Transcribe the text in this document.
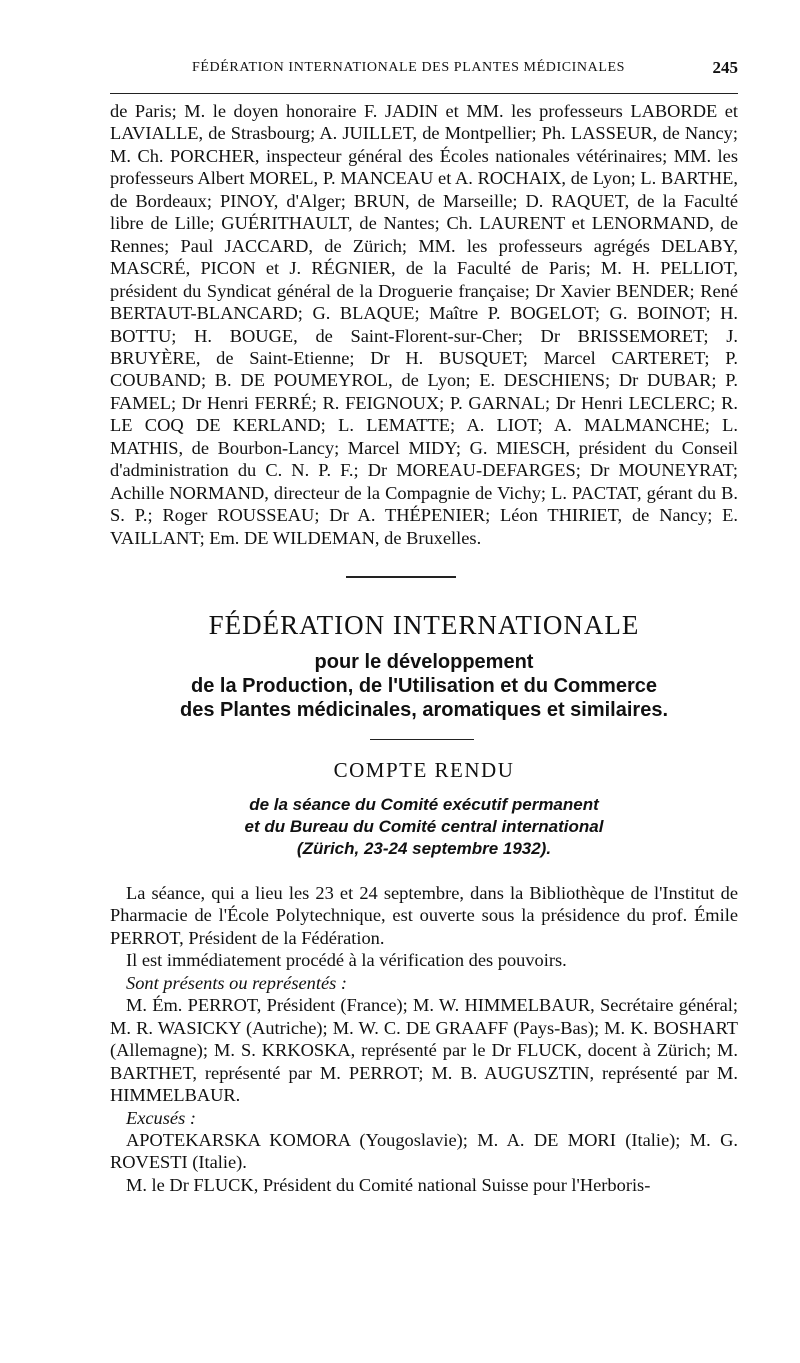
FÉDÉRATION INTERNATIONALE DES PLANTES MÉDICINALES	245

de Paris; M. le doyen honoraire F. JADIN et MM. les professeurs LABORDE et LAVIALLE, de Strasbourg; A. JUILLET, de Montpellier; Ph. LASSEUR, de Nancy; M. Ch. PORCHER, inspecteur général des Écoles nationales vétérinaires; MM. les professeurs Albert MOREL, P. MANCEAU et A. ROCHAIX, de Lyon; L. BARTHE, de Bordeaux; PINOY, d'Alger; BRUN, de Marseille; D. RAQUET, de la Faculté libre de Lille; GUÉRITHAULT, de Nantes; Ch. LAURENT et LENORMAND, de Rennes; Paul JACCARD, de Zürich; MM. les professeurs agrégés DELABY, MASCRÉ, PICON et J. RÉGNIER, de la Faculté de Paris; M. H. PELLIOT, président du Syndicat général de la Droguerie française; Dr Xavier BENDER; René BERTAUT-BLANCARD; G. BLAQUE; Maître P. BOGELOT; G. BOINOT; H. BOTTU; H. BOUGE, de Saint-Florent-sur-Cher; Dr BRISSEMORET; J. BRUYÈRE, de Saint-Etienne; Dr H. BUSQUET; Marcel CARTERET; P. COUBAND; B. DE POUMEYROL, de Lyon; E. DESCHIENS; Dr DUBAR; P. FAMEL; Dr Henri FERRÉ; R. FEIGNOUX; P. GARNAL; Dr Henri LECLERC; R. LE COQ DE KERLAND; L. LEMATTE; A. LIOT; A. MALMANCHE; L. MATHIS, de Bourbon-Lancy; Marcel MIDY; G. MIESCH, président du Conseil d'administration du C. N. P. F.; Dr MOREAU-DEFARGES; Dr MOUNEYRAT; Achille NORMAND, directeur de la Compagnie de Vichy; L. PACTAT, gérant du B. S. P.; Roger ROUSSEAU; Dr A. THÉPENIER; Léon THIRIET, de Nancy; E. VAILLANT; Em. DE WILDEMAN, de Bruxelles.

FÉDÉRATION INTERNATIONALE
pour le développement
de la Production, de l'Utilisation et du Commerce
des Plantes médicinales, aromatiques et similaires.
COMPTE RENDU
de la séance du Comité exécutif permanent
et du Bureau du Comité central international
(Zürich, 23-24 septembre 1932).

La séance, qui a lieu les 23 et 24 septembre, dans la Bibliothèque de l'Institut de Pharmacie de l'École Polytechnique, est ouverte sous la présidence du prof. Émile PERROT, Président de la Fédération.

Il est immédiatement procédé à la vérification des pouvoirs.

Sont présents ou représentés :

M. Ém. PERROT, Président (France); M. W. HIMMELBAUR, Secrétaire général; M. R. WASICKY (Autriche); M. W. C. DE GRAAFF (Pays-Bas); M. K. BOSHART (Allemagne); M. S. KRKOSKA, représenté par le Dr FLUCK, docent à Zürich; M. BARTHET, représenté par M. PERROT; M. B. AUGUSZTIN, représenté par M. HIMMELBAUR.

Excusés :

APOTEKARSKA KOMORA (Yougoslavie); M. A. DE MORI (Italie); M. G. ROVESTI (Italie).

M. le Dr FLUCK, Président du Comité national Suisse pour l'Herboris-
